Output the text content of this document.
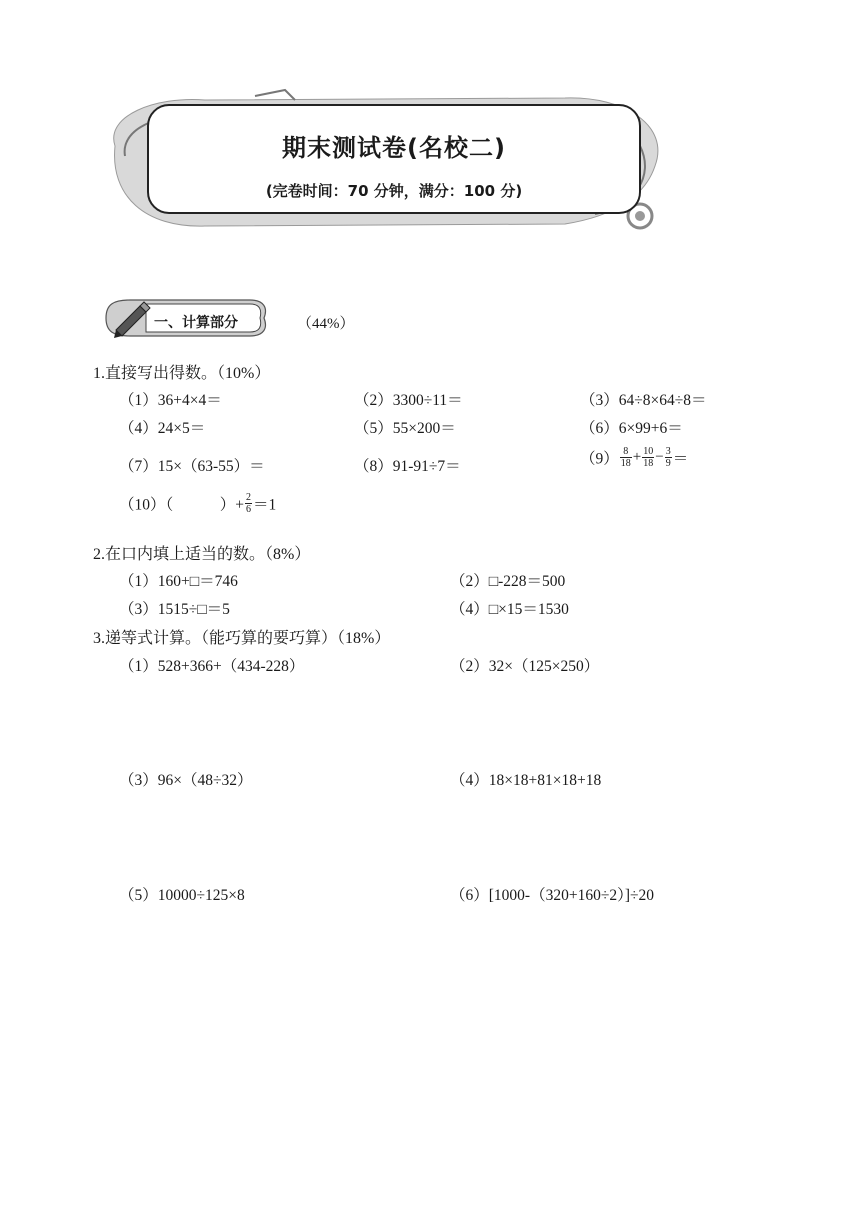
期末测试卷(名校二)
(完卷时间：70 分钟，满分：100 分)
一、计算部分	（44%）
1.直接写出得数。（10%）
（1）36+4×4＝	（2）3300÷11＝	（3）64÷8×64÷8＝
（4）24×5＝	（5）55×200＝	（6）6×99+6＝
（7）15×（63-55）＝	（8）91-91÷7＝	$(9) \frac{8}{18} + \frac{10}{18} - \frac{3}{9}$ ＝
（10）（　　　）+ $\frac{2}{6} =1$
2.在口内填上适当的数。（8%）
（1）160+□＝746	（2）□-228＝500
（3）1515÷□＝5	（4）□×15＝1530
3.递等式计算。（能巧算的要巧算）（18%）
（1）528+366+（434-228）	（2）32×（125×250）
（3）96×（48÷32）	（4）18×18+81×18+18
（5）10000÷125×8	（6）[1000-（320+160÷2）]÷20
